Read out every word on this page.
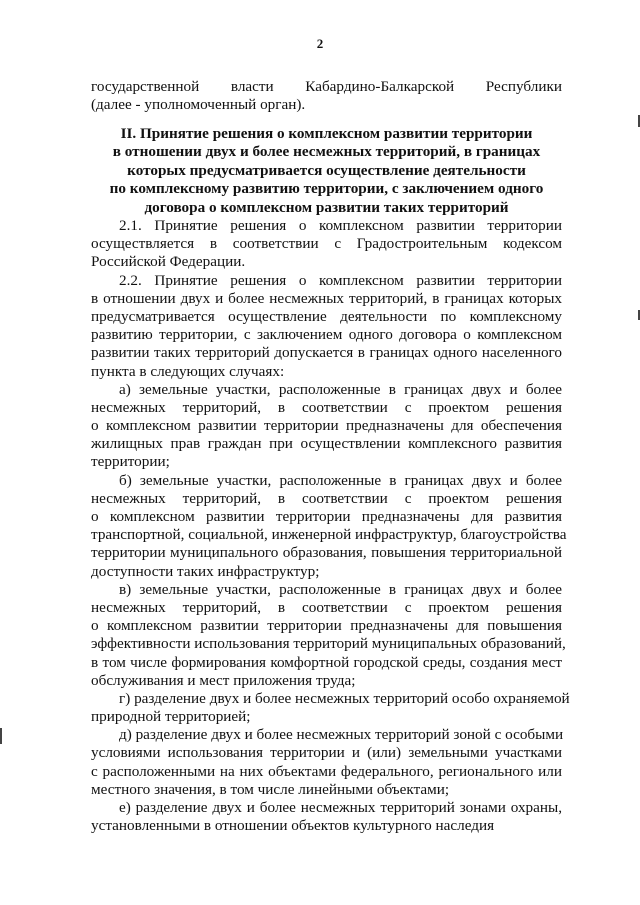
2
государственной власти Кабардино-Балкарской Республики
(далее - уполномоченный орган).
II. Принятие решения о комплексном развитии территории
в отношении двух и более несмежных территорий, в границах
которых предусматривается осуществление деятельности
по комплексному развитию территории, с заключением одного
договора о комплексном развитии таких территорий
2.1. Принятие решения о комплексном развитии территории
осуществляется в соответствии с Градостроительным кодексом
Российской Федерации.
2.2. Принятие решения о комплексном развитии территории
в отношении двух и более несмежных территорий, в границах которых
предусматривается осуществление деятельности по комплексному
развитию территории, с заключением одного договора о комплексном
развитии таких территорий допускается в границах одного населенного
пункта в следующих случаях:
а) земельные участки, расположенные в границах двух и более
несмежных территорий, в соответствии с проектом решения
о комплексном развитии территории предназначены для обеспечения
жилищных прав граждан при осуществлении комплексного развития
территории;
б) земельные участки, расположенные в границах двух и более
несмежных территорий, в соответствии с проектом решения
о комплексном развитии территории предназначены для развития
транспортной, социальной, инженерной инфраструктур, благоустройства
территории муниципального образования, повышения территориальной
доступности таких инфраструктур;
в) земельные участки, расположенные в границах двух и более
несмежных территорий, в соответствии с проектом решения
о комплексном развитии территории предназначены для повышения
эффективности использования территорий муниципальных образований,
в том числе формирования комфортной городской среды, создания мест
обслуживания и мест приложения труда;
г) разделение двух и более несмежных территорий особо охраняемой
природной территорией;
д) разделение двух и более несмежных территорий зоной с особыми
условиями использования территории и (или) земельными участками
с расположенными на них объектами федерального, регионального или
местного значения, в том числе линейными объектами;
е) разделение двух и более несмежных территорий зонами охраны,
установленными в отношении объектов культурного наследия
